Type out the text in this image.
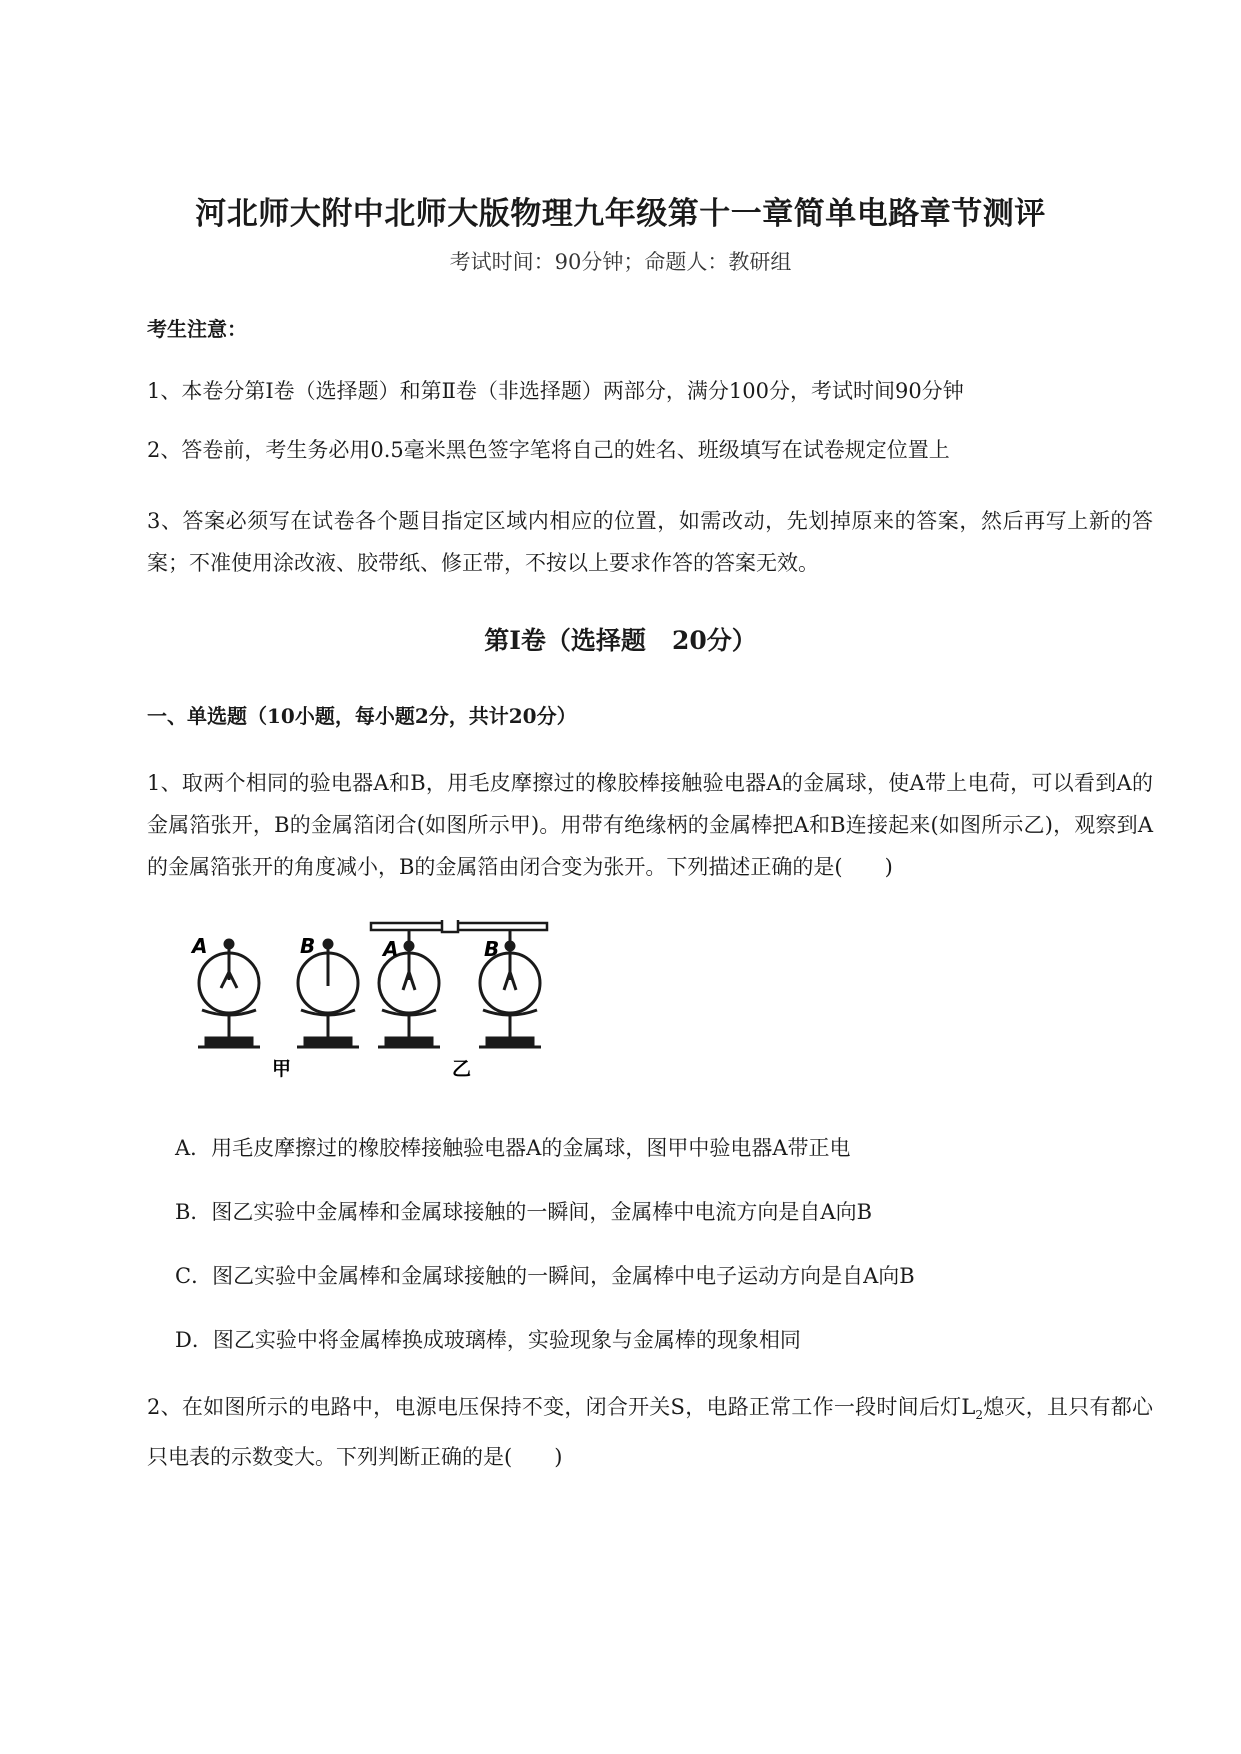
河北师大附中北师大版物理九年级第十一章简单电路章节测评
考试时间：90分钟；命题人：教研组
考生注意：
1、本卷分第I卷（选择题）和第Ⅱ卷（非选择题）两部分，满分100分，考试时间90分钟
2、答卷前，考生务必用0.5毫米黑色签字笔将自己的姓名、班级填写在试卷规定位置上
3、答案必须写在试卷各个题目指定区域内相应的位置，如需改动，先划掉原来的答案，然后再写上新的答案；不准使用涂改液、胶带纸、修正带，不按以上要求作答的答案无效。
第I卷（选择题   20分）
一、单选题（10小题，每小题2分，共计20分）
1、取两个相同的验电器A和B，用毛皮摩擦过的橡胶棒接触验电器A的金属球，使A带上电荷，可以看到A的金属箔张开，B的金属箔闭合(如图所示甲)。用带有绝缘柄的金属棒把A和B连接起来(如图所示乙)，观察到A的金属箔张开的角度减小，B的金属箔由闭合变为张开。下列描述正确的是(　　)
A	B	A	B
甲	乙
A．用毛皮摩擦过的橡胶棒接触验电器A的金属球，图甲中验电器A带正电
B．图乙实验中金属棒和金属球接触的一瞬间，金属棒中电流方向是自A向B
C．图乙实验中金属棒和金属球接触的一瞬间，金属棒中电子运动方向是自A向B
D．图乙实验中将金属棒换成玻璃棒，实验现象与金属棒的现象相同
2、在如图所示的电路中，电源电压保持不变，闭合开关S，电路正常工作一段时间后灯$L_2$熄灭，且只有都心只电表的示数变大。下列判断正确的是(　　)
